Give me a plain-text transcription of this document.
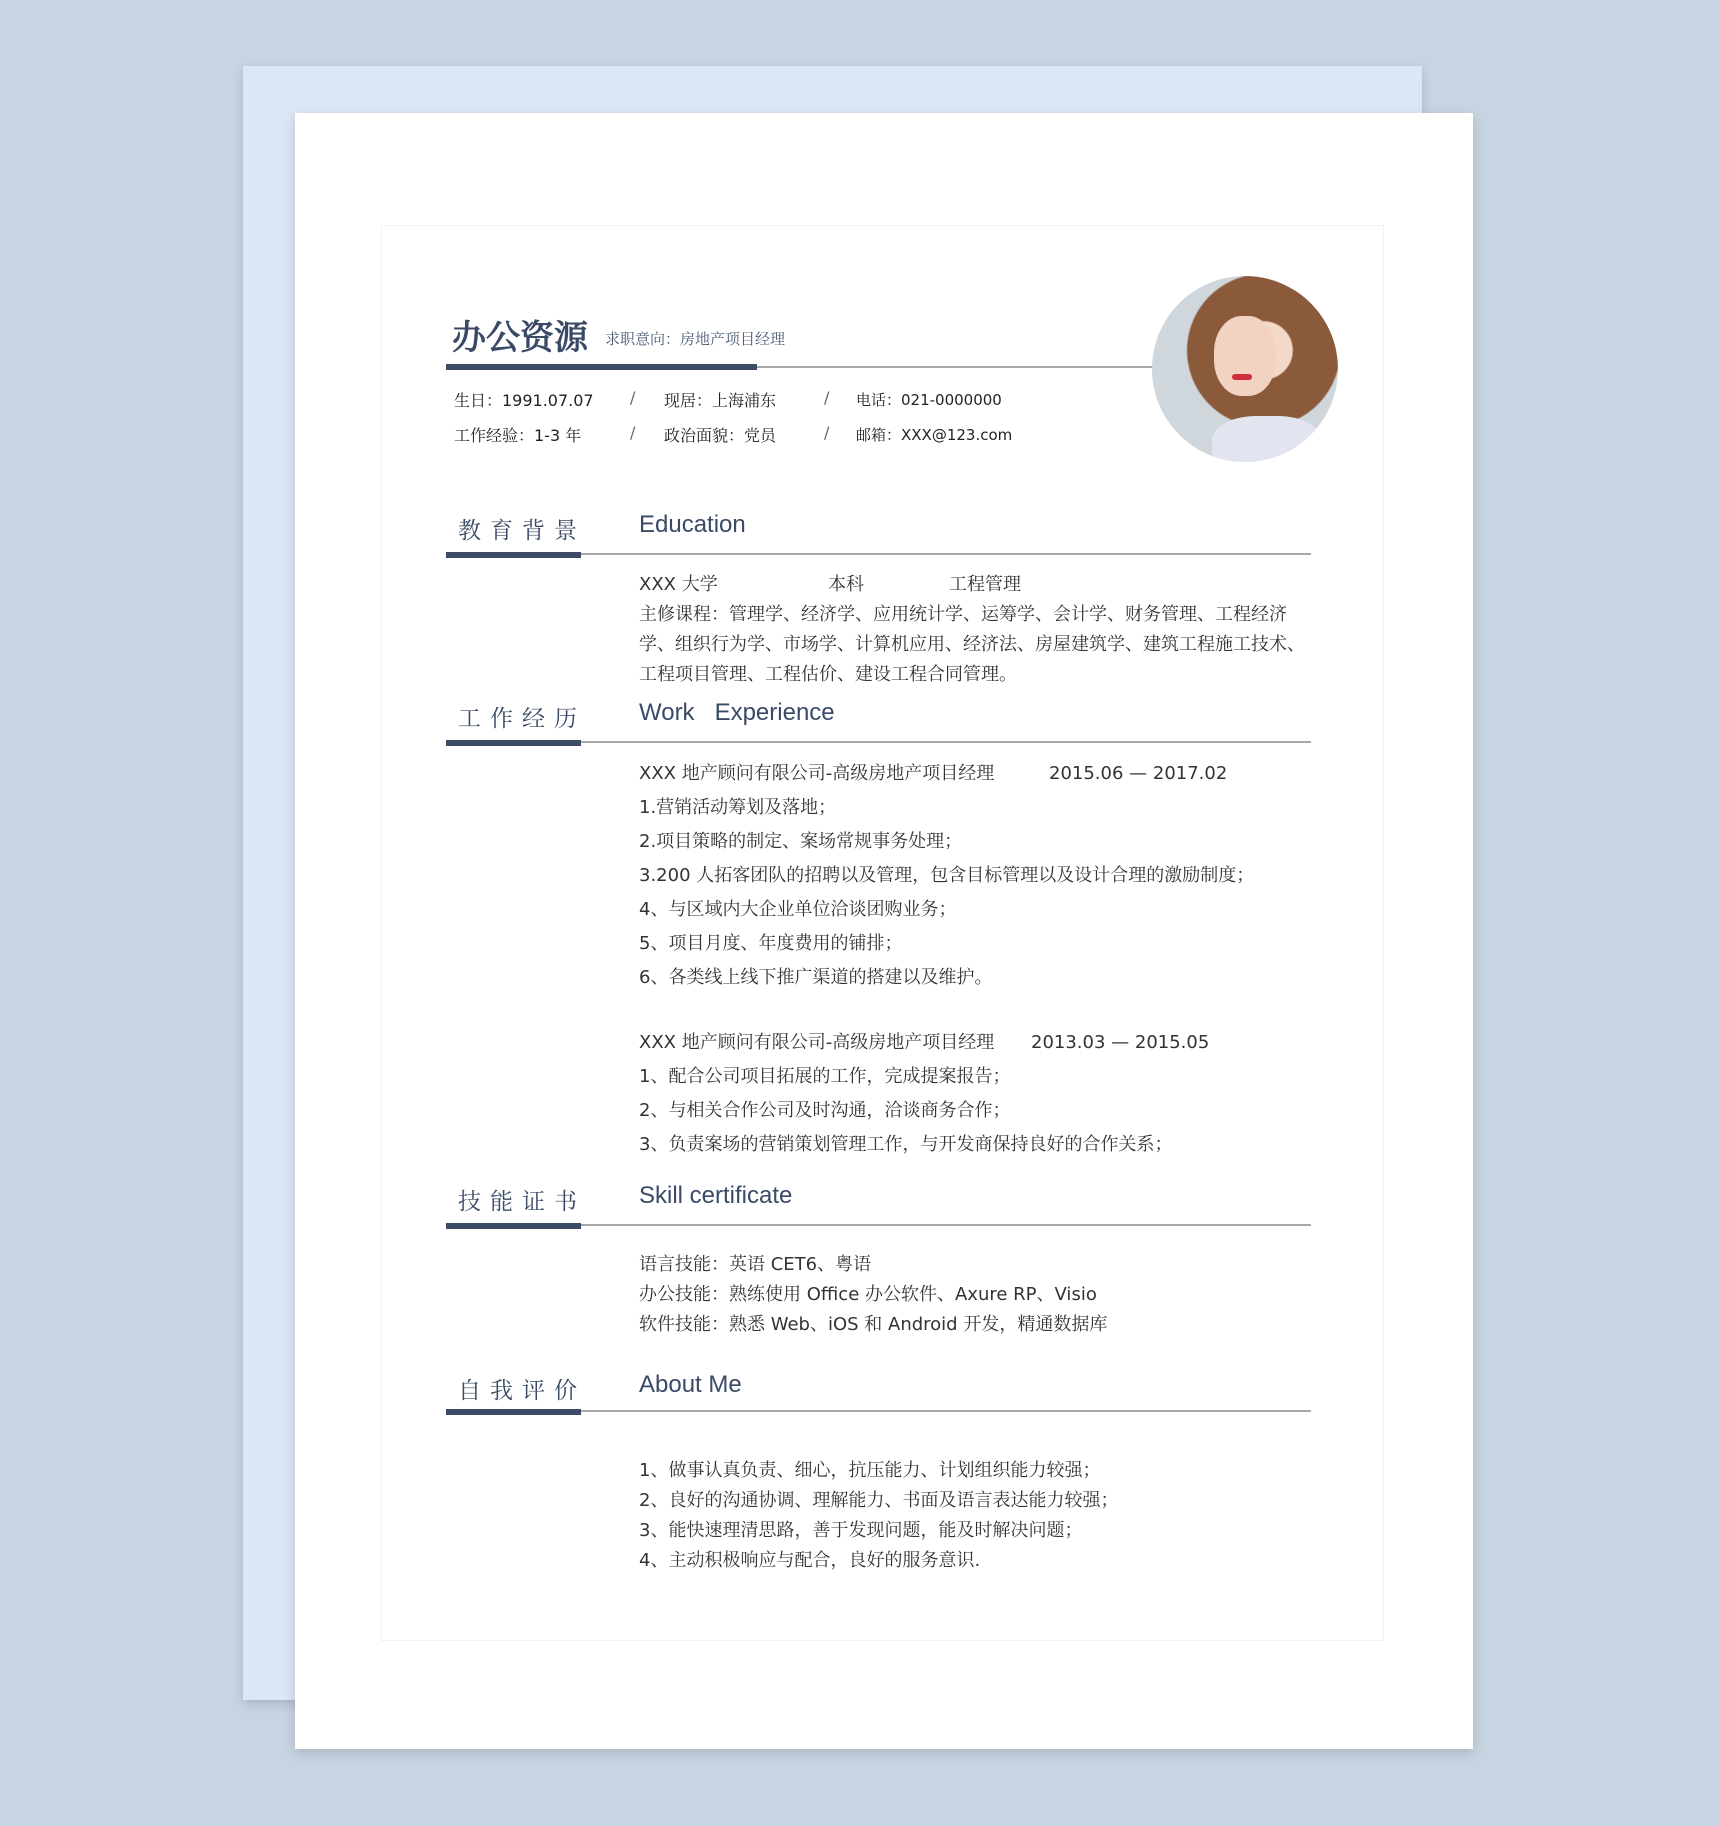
办公资源 求职意向：房地产项目经理
生日：1991.07.07 / 现居：上海浦东	/ 电话：021-0000000
工作经验：1-3 年	/ 政治面貌：党员	/ 邮箱：XXX@123.com
教育背景 Education
XXX 大学	本科	工程管理
主修课程：管理学、经济学、应用统计学、运筹学、会计学、财务管理、工程经济
学、组织行为学、市场学、计算机应用、经济法、房屋建筑学、建筑工程施工技术、
工程项目管理、工程估价、建设工程合同管理。
工作经历 Work   Experience
XXX 地产顾问有限公司-高级房地产项目经理	2015.06 — 2017.02
1.营销活动筹划及落地；
2.项目策略的制定、案场常规事务处理；
3.200 人拓客团队的招聘以及管理，包含目标管理以及设计合理的激励制度；
4、与区域内大企业单位洽谈团购业务；
5、项目月度、年度费用的铺排；
6、各类线上线下推广渠道的搭建以及维护。
XXX 地产顾问有限公司-高级房地产项目经理 2013.03 — 2015.05
1、配合公司项目拓展的工作，完成提案报告；
2、与相关合作公司及时沟通，洽谈商务合作；
3、负责案场的营销策划管理工作，与开发商保持良好的合作关系；
技能证书 Skill certificate
语言技能：英语 CET6、粤语
办公技能：熟练使用 Office 办公软件、Axure RP、Visio
软件技能：熟悉 Web、iOS 和 Android 开发，精通数据库
自我评价 About Me
1、做事认真负责、细心，抗压能力、计划组织能力较强；
2、良好的沟通协调、理解能力、书面及语言表达能力较强；
3、能快速理清思路，善于发现问题，能及时解决问题；
4、主动积极响应与配合，良好的服务意识.
